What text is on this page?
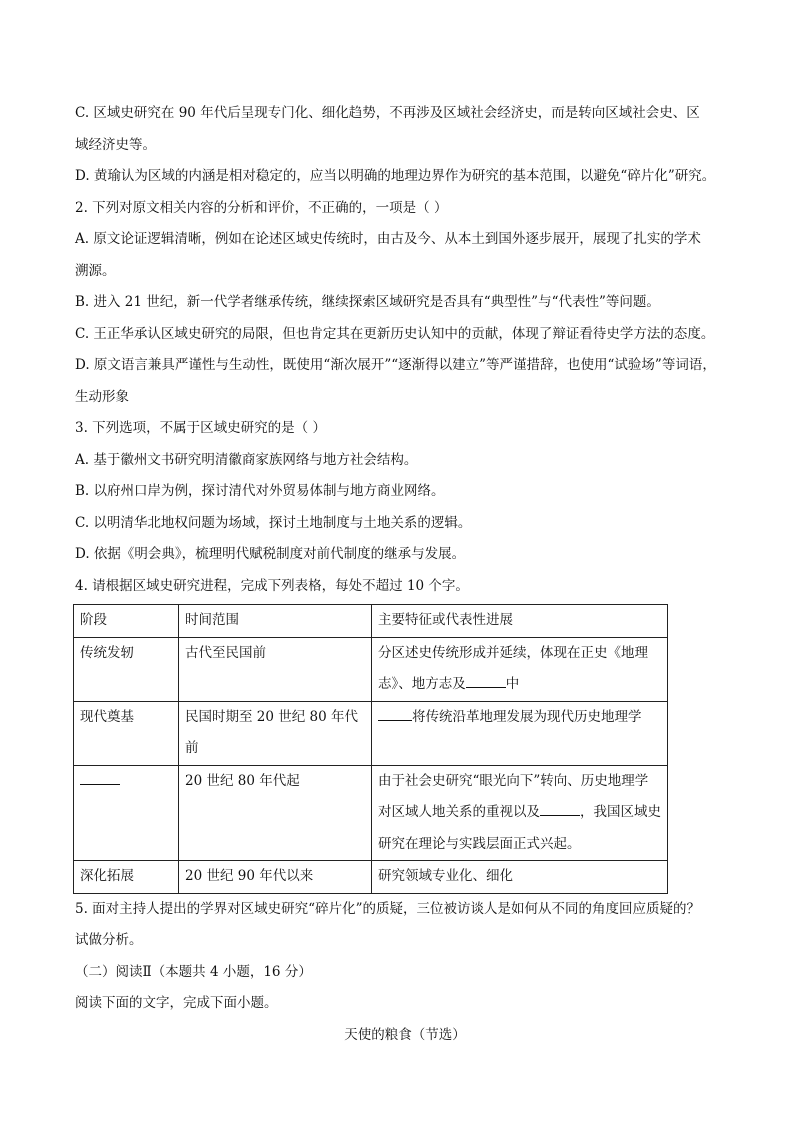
C. 区域史研究在 90 年代后呈现专门化、细化趋势，不再涉及区域社会经济史，而是转向区域社会史、区

域经济史等。

D. 黄瑜认为区域的内涵是相对稳定的，应当以明确的地理边界作为研究的基本范围，以避免“碎片化”研究。

2. 下列对原文相关内容的分析和评价，不正确的，一项是（ ）

A. 原文论证逻辑清晰，例如在论述区域史传统时，由古及今、从本土到国外逐步展开，展现了扎实的学术

溯源。

B. 进入 21 世纪，新一代学者继承传统，继续探索区域研究是否具有“典型性”与“代表性”等问题。

C. 王正华承认区域史研究的局限，但也肯定其在更新历史认知中的贡献，体现了辩证看待史学方法的态度。

D. 原文语言兼具严谨性与生动性，既使用“渐次展开”“逐渐得以建立”等严谨措辞，也使用“试验场”等词语，

生动形象

3. 下列选项，不属于区域史研究的是（ ）

A. 基于徽州文书研究明清徽商家族网络与地方社会结构。

B. 以府州口岸为例，探讨清代对外贸易体制与地方商业网络。

C. 以明清华北地权问题为场域，探讨土地制度与土地关系的逻辑。

D. 依据《明会典》，梳理明代赋税制度对前代制度的继承与发展。

4. 请根据区域史研究进程，完成下列表格，每处不超过 10 个字。

阶段	时间范围	主要特征或代表性进展
传统发轫	古代至民国前	分区述史传统形成并延续，体现在正史《地理
志》、地方志及 中

现代奠基	民国时期至 20 世纪 80 年代前	将传统沿革地理发展为现代历史地理学
	20 世纪 80 年代起	由于社会史研究“眼光向下”转向、历史地理学
对区域人地关系的重视以及 ，我国区域史
研究在理论与实践层面正式兴起。

深化拓展	20 世纪 90 年代以来	研究领域专业化、细化

5. 面对主持人提出的学界对区域史研究“碎片化”的质疑，三位被访谈人是如何从不同的角度回应质疑的？

试做分析。

（二）阅读Ⅱ（本题共 4 小题，16 分）

阅读下面的文字，完成下面小题。

天使的粮食（节选）
